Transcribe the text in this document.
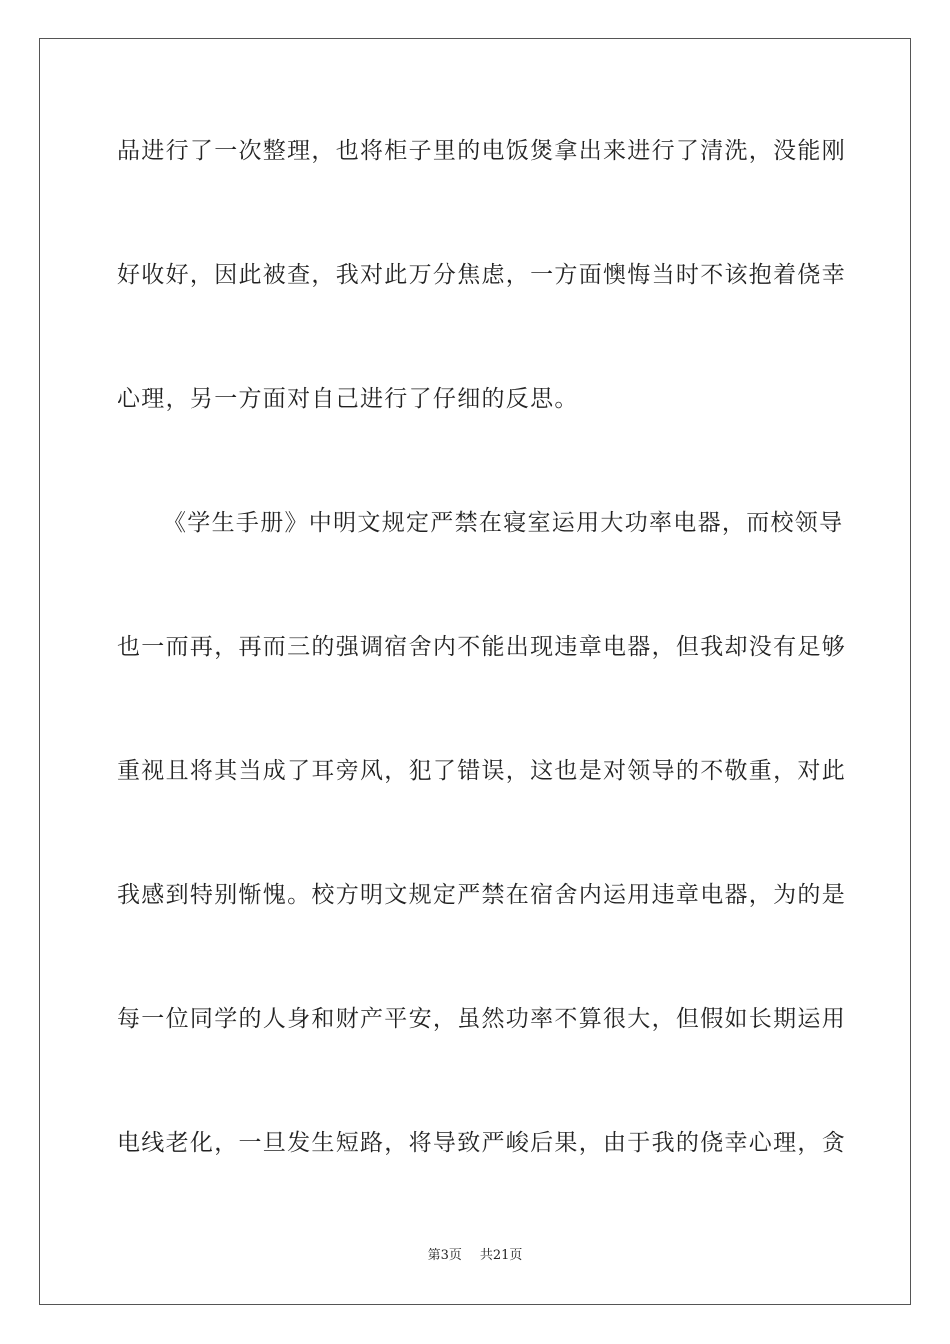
品进行了一次整理，也将柜子里的电饭煲拿出来进行了清洗，没能刚
好收好，因此被查，我对此万分焦虑，一方面懊悔当时不该抱着侥幸
心理，另一方面对自己进行了仔细的反思。
《学生手册》中明文规定严禁在寝室运用大功率电器，而校领导
也一而再，再而三的强调宿舍内不能出现违章电器，但我却没有足够
重视且将其当成了耳旁风，犯了错误，这也是对领导的不敬重，对此
我感到特别惭愧。校方明文规定严禁在宿舍内运用违章电器，为的是
每一位同学的人身和财产平安，虽然功率不算很大，但假如长期运用
电线老化，一旦发生短路，将导致严峻后果，由于我的侥幸心理，贪
第3页 共21页
